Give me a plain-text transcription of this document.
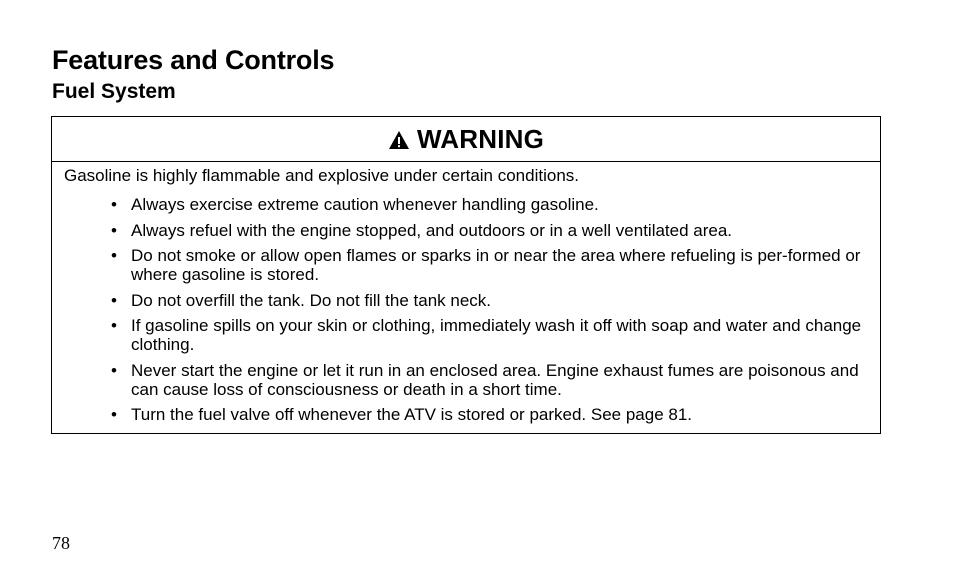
Features and Controls
Fuel System
WARNING

Gasoline is highly flammable and explosive under certain conditions.

• Always exercise extreme caution whenever handling gasoline.
• Always refuel with the engine stopped, and outdoors or in a well ventilated area.
• Do not smoke or allow open flames or sparks in or near the area where refueling is per-formed or where gasoline is stored.
• Do not overfill the tank. Do not fill the tank neck.
• If gasoline spills on your skin or clothing, immediately wash it off with soap and water and change clothing.
• Never start the engine or let it run in an enclosed area. Engine exhaust fumes are poisonous and can cause loss of consciousness or death in a short time.
• Turn the fuel valve off whenever the ATV is stored or parked. See page 81.
78
